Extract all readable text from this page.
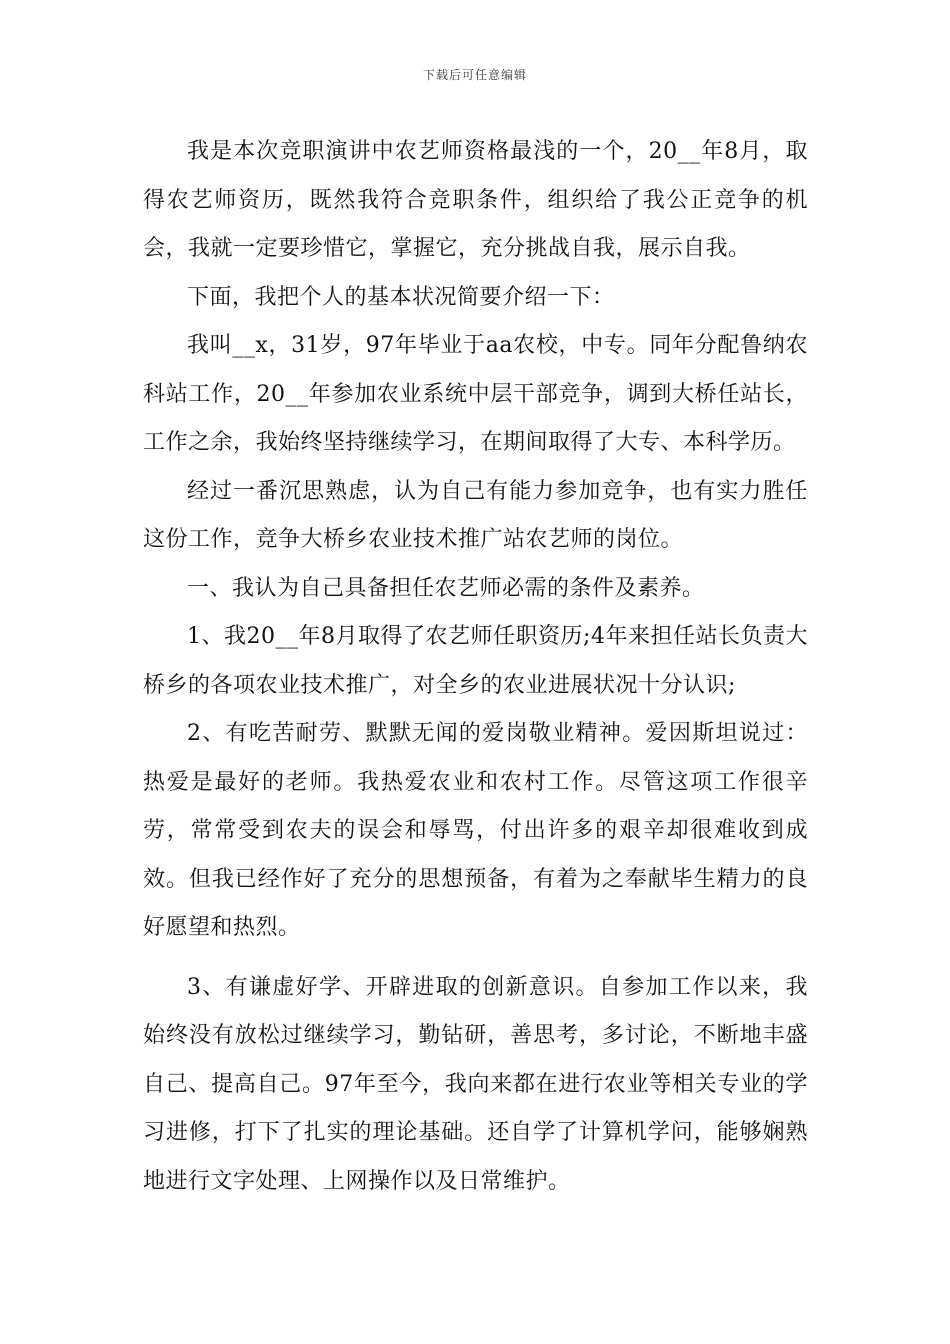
下载后可任意编辑

我是本次竞职演讲中农艺师资格最浅的一个，20__年8月，取得农艺师资历，既然我符合竞职条件，组织给了我公正竞争的机会，我就一定要珍惜它，掌握它，充分挑战自我，展示自我。

下面，我把个人的基本状况简要介绍一下：

我叫__x，31岁，97年毕业于aa农校，中专。同年分配鲁纳农科站工作，20__年参加农业系统中层干部竞争，调到大桥任站长，工作之余，我始终坚持继续学习，在期间取得了大专、本科学历。

经过一番沉思熟虑，认为自己有能力参加竞争，也有实力胜任这份工作，竞争大桥乡农业技术推广站农艺师的岗位。

一、我认为自己具备担任农艺师必需的条件及素养。

1、我20__年8月取得了农艺师任职资历;4年来担任站长负责大桥乡的各项农业技术推广，对全乡的农业进展状况十分认识;

2、有吃苦耐劳、默默无闻的爱岗敬业精神。爱因斯坦说过：热爱是最好的老师。我热爱农业和农村工作。尽管这项工作很辛劳，常常受到农夫的误会和辱骂，付出许多的艰辛却很难收到成效。但我已经作好了充分的思想预备，有着为之奉献毕生精力的良好愿望和热烈。

3、有谦虚好学、开辟进取的创新意识。自参加工作以来，我始终没有放松过继续学习，勤钻研，善思考，多讨论，不断地丰盛自己、提高自己。97年至今，我向来都在进行农业等相关专业的学习进修，打下了扎实的理论基础。还自学了计算机学问，能够娴熟地进行文字处理、上网操作以及日常维护。
